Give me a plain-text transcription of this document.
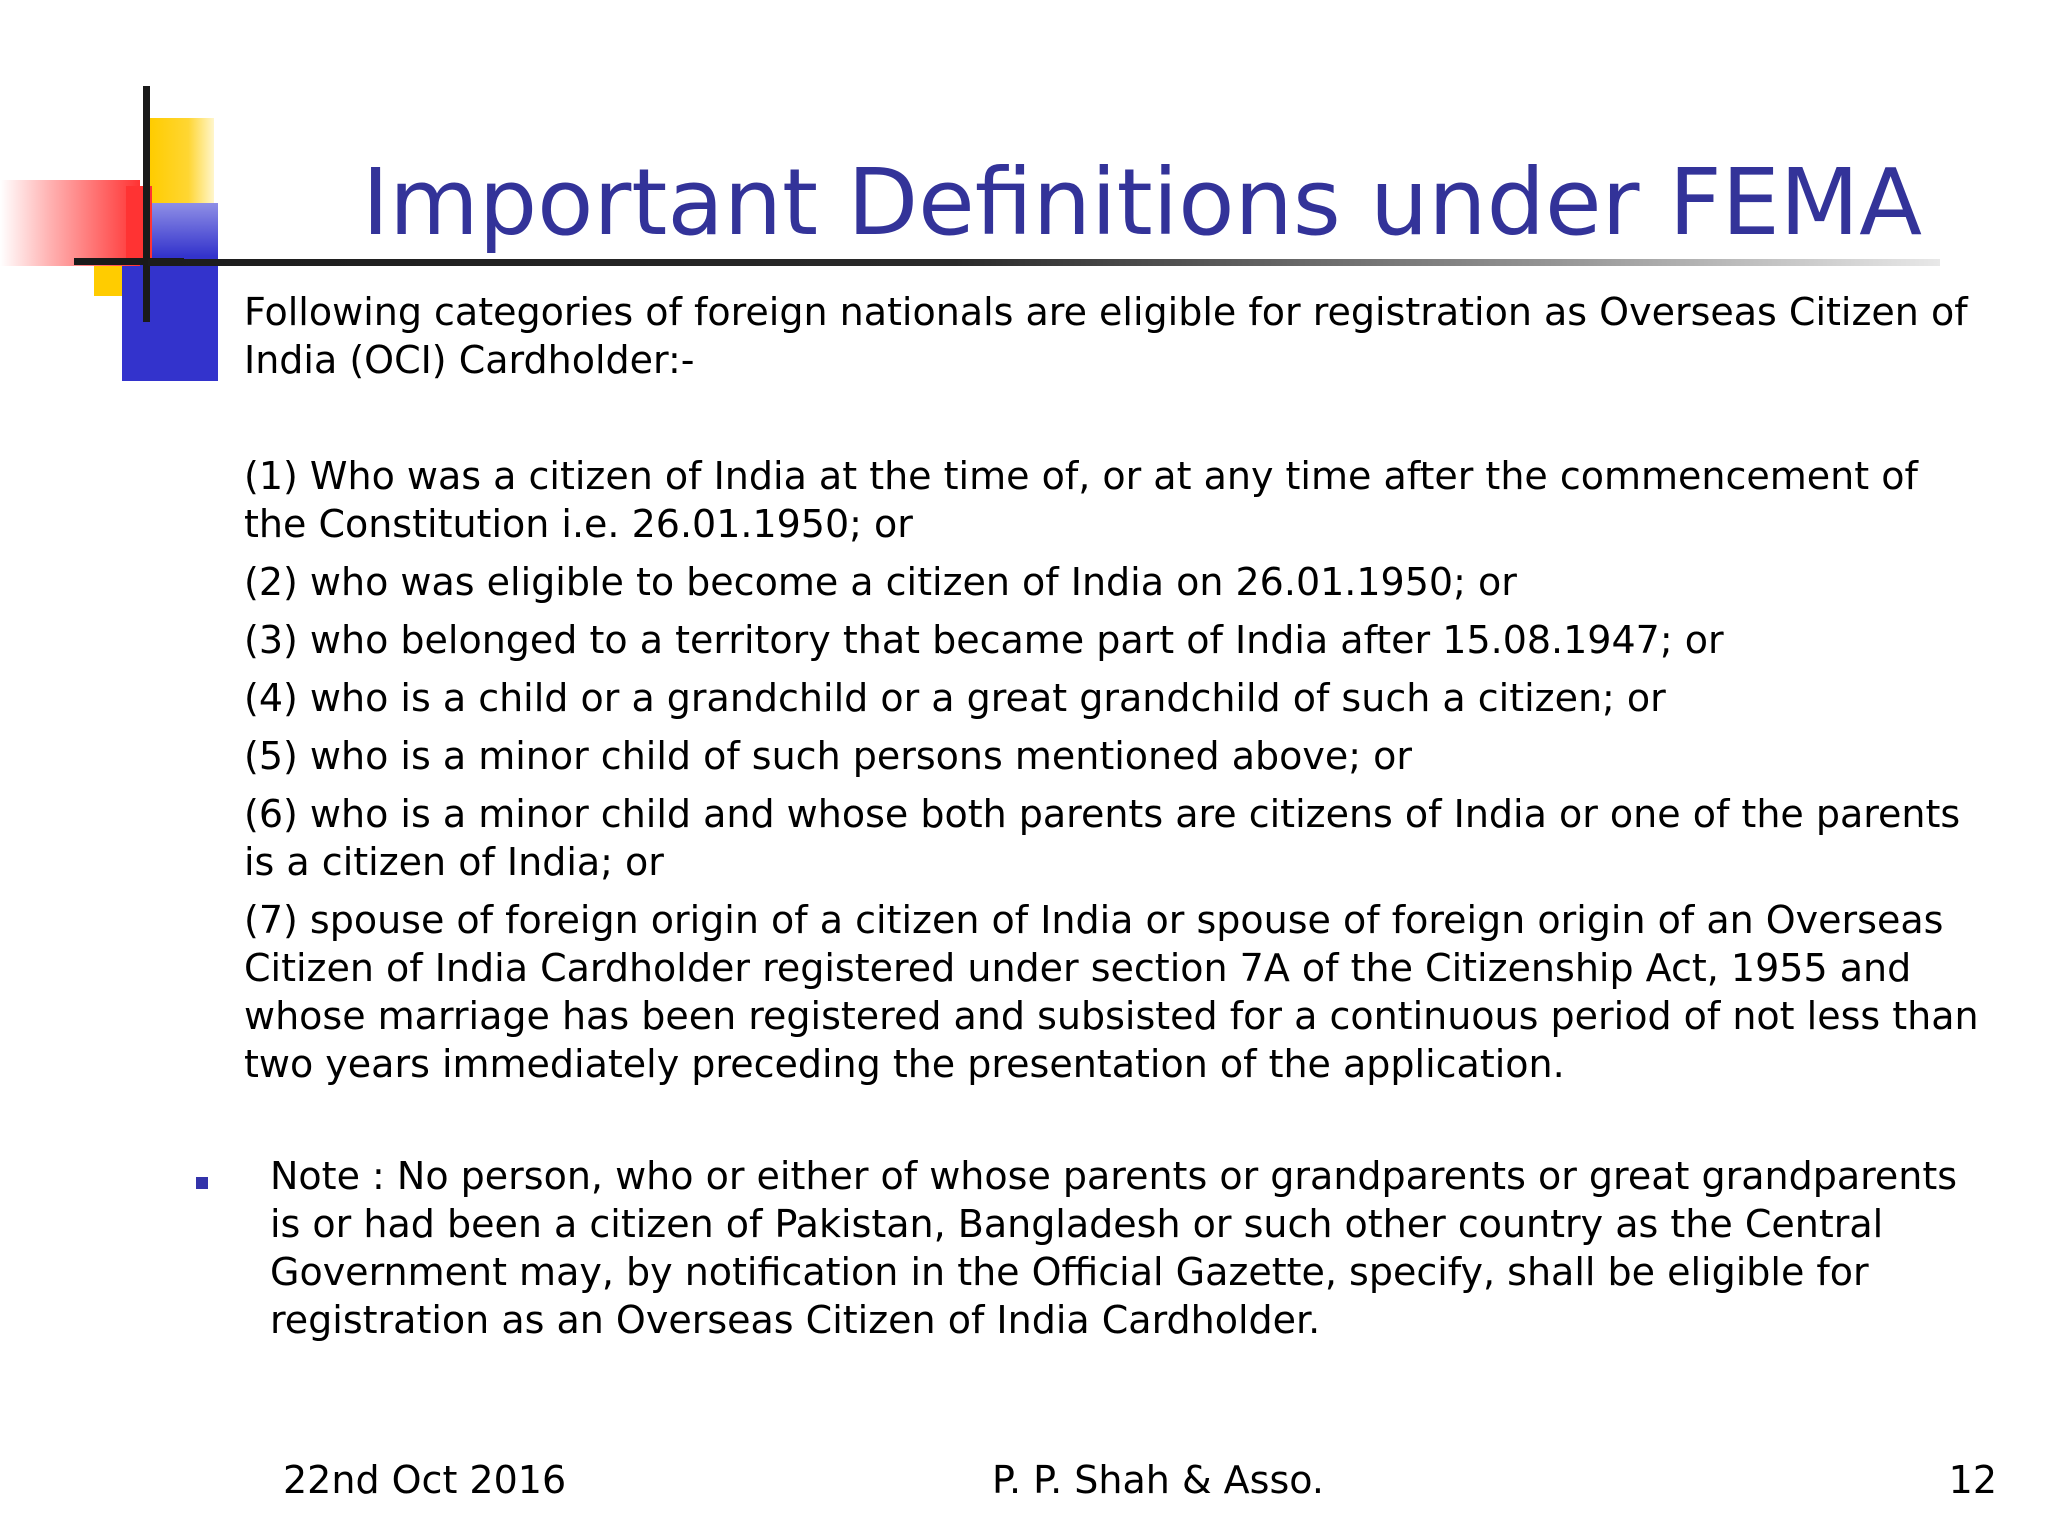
Important Definitions under FEMA

Following categories of foreign nationals are eligible for registration as Overseas Citizen of India (OCI) Cardholder:-

(1) Who was a citizen of India at the time of, or at any time after the commencement of the Constitution i.e. 26.01.1950; or
(2) who was eligible to become a citizen of India on 26.01.1950; or
(3) who belonged to a territory that became part of India after 15.08.1947; or
(4) who is a child or a grandchild or a great grandchild of such a citizen; or
(5) who is a minor child of such persons mentioned above; or
(6) who is a minor child and whose both parents are citizens of India or one of the parents is a citizen of India; or
(7) spouse of foreign origin of a citizen of India or spouse of foreign origin of an Overseas Citizen of India Cardholder registered under section 7A of the Citizenship Act, 1955 and whose marriage has been registered and subsisted for a continuous period of not less than two years immediately preceding the presentation of the application.

Note : No person, who or either of whose parents or grandparents or great grandparents is or had been a citizen of Pakistan, Bangladesh or such other country as the Central Government may, by notification in the Official Gazette, specify, shall be eligible for registration as an Overseas Citizen of India Cardholder.

22nd Oct 2016	P. P. Shah & Asso.	12
